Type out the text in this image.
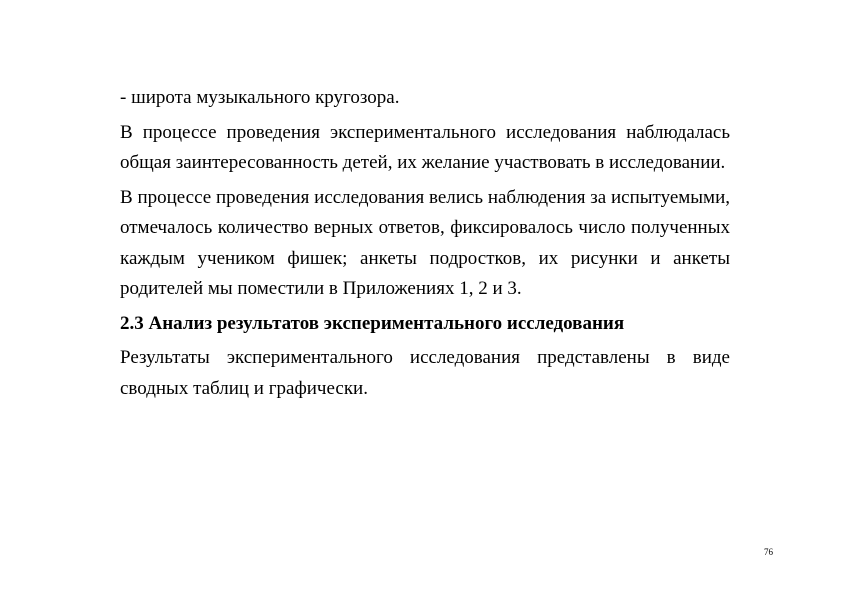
- широта музыкального кругозора.

В процессе проведения экспериментального исследования наблюдалась общая заинтересованность детей, их желание участвовать в исследовании.

В процессе проведения исследования велись наблюдения за испытуемыми, отмечалось количество верных ответов, фиксировалось число полученных каждым учеником фишек; анкеты подростков, их рисунки и анкеты родителей мы поместили в Приложениях 1, 2 и 3.

2.3 Анализ результатов экспериментального исследования

Результаты экспериментального исследования представлены в виде сводных таблиц и графически.

76
